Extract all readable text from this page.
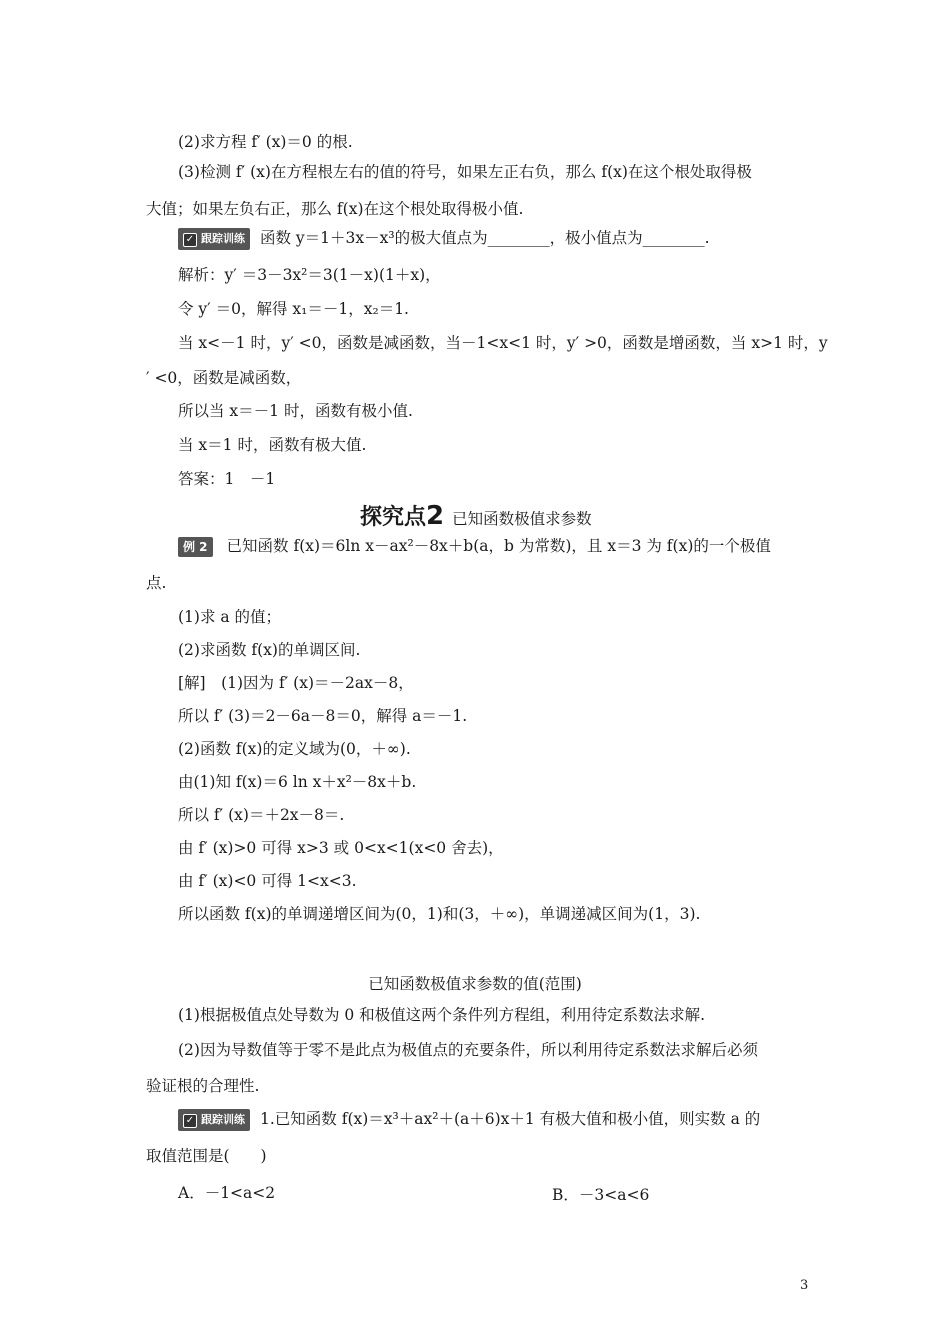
(2)求方程 f′ (x)＝0 的根.
(3)检测 f′ (x)在方程根左右的值的符号，如果左正右负，那么 f(x)在这个根处取得极
大值；如果左负右正，那么 f(x)在这个根处取得极小值.
✓ 跟踪训练 函数 y＝1＋3x－x³的极大值点为________，极小值点为________.
解析：y′ ＝3－3x²＝3(1－x)(1＋x)，
令 y′ ＝0，解得 x₁＝－1，x₂＝1.
当 x<－1 时，y′ <0，函数是减函数，当－1<x<1 时，y′ >0，函数是增函数，当 x>1 时，y
′ <0，函数是减函数，
所以当 x＝－1 时，函数有极小值.
当 x＝1 时，函数有极大值.
答案：1　－1
探究点2 已知函数极值求参数
例 2 已知函数 f(x)＝6ln x－ax²－8x＋b(a，b 为常数)，且 x＝3 为 f(x)的一个极值
点.
(1)求 a 的值；
(2)求函数 f(x)的单调区间.
[解]　(1)因为 f′ (x)＝－2ax－8，
所以 f′ (3)＝2－6a－8＝0，解得 a＝－1.
(2)函数 f(x)的定义域为(0，＋∞).
由(1)知 f(x)＝6 ln x＋x²－8x＋b.
所以 f′ (x)＝＋2x－8＝.
由 f′ (x)>0 可得 x>3 或 0<x<1(x<0 舍去)，
由 f′ (x)<0 可得 1<x<3.
所以函数 f(x)的单调递增区间为(0，1)和(3，＋∞)，单调递减区间为(1，3).
已知函数极值求参数的值(范围)
(1)根据极值点处导数为 0 和极值这两个条件列方程组，利用待定系数法求解.
(2)因为导数值等于零不是此点为极值点的充要条件，所以利用待定系数法求解后必须
验证根的合理性.
✓ 跟踪训练 1.已知函数 f(x)＝x³＋ax²＋(a＋6)x＋1 有极大值和极小值，则实数 a 的
取值范围是(　　)
A．－1<a<2	B．－3<a<6
3
